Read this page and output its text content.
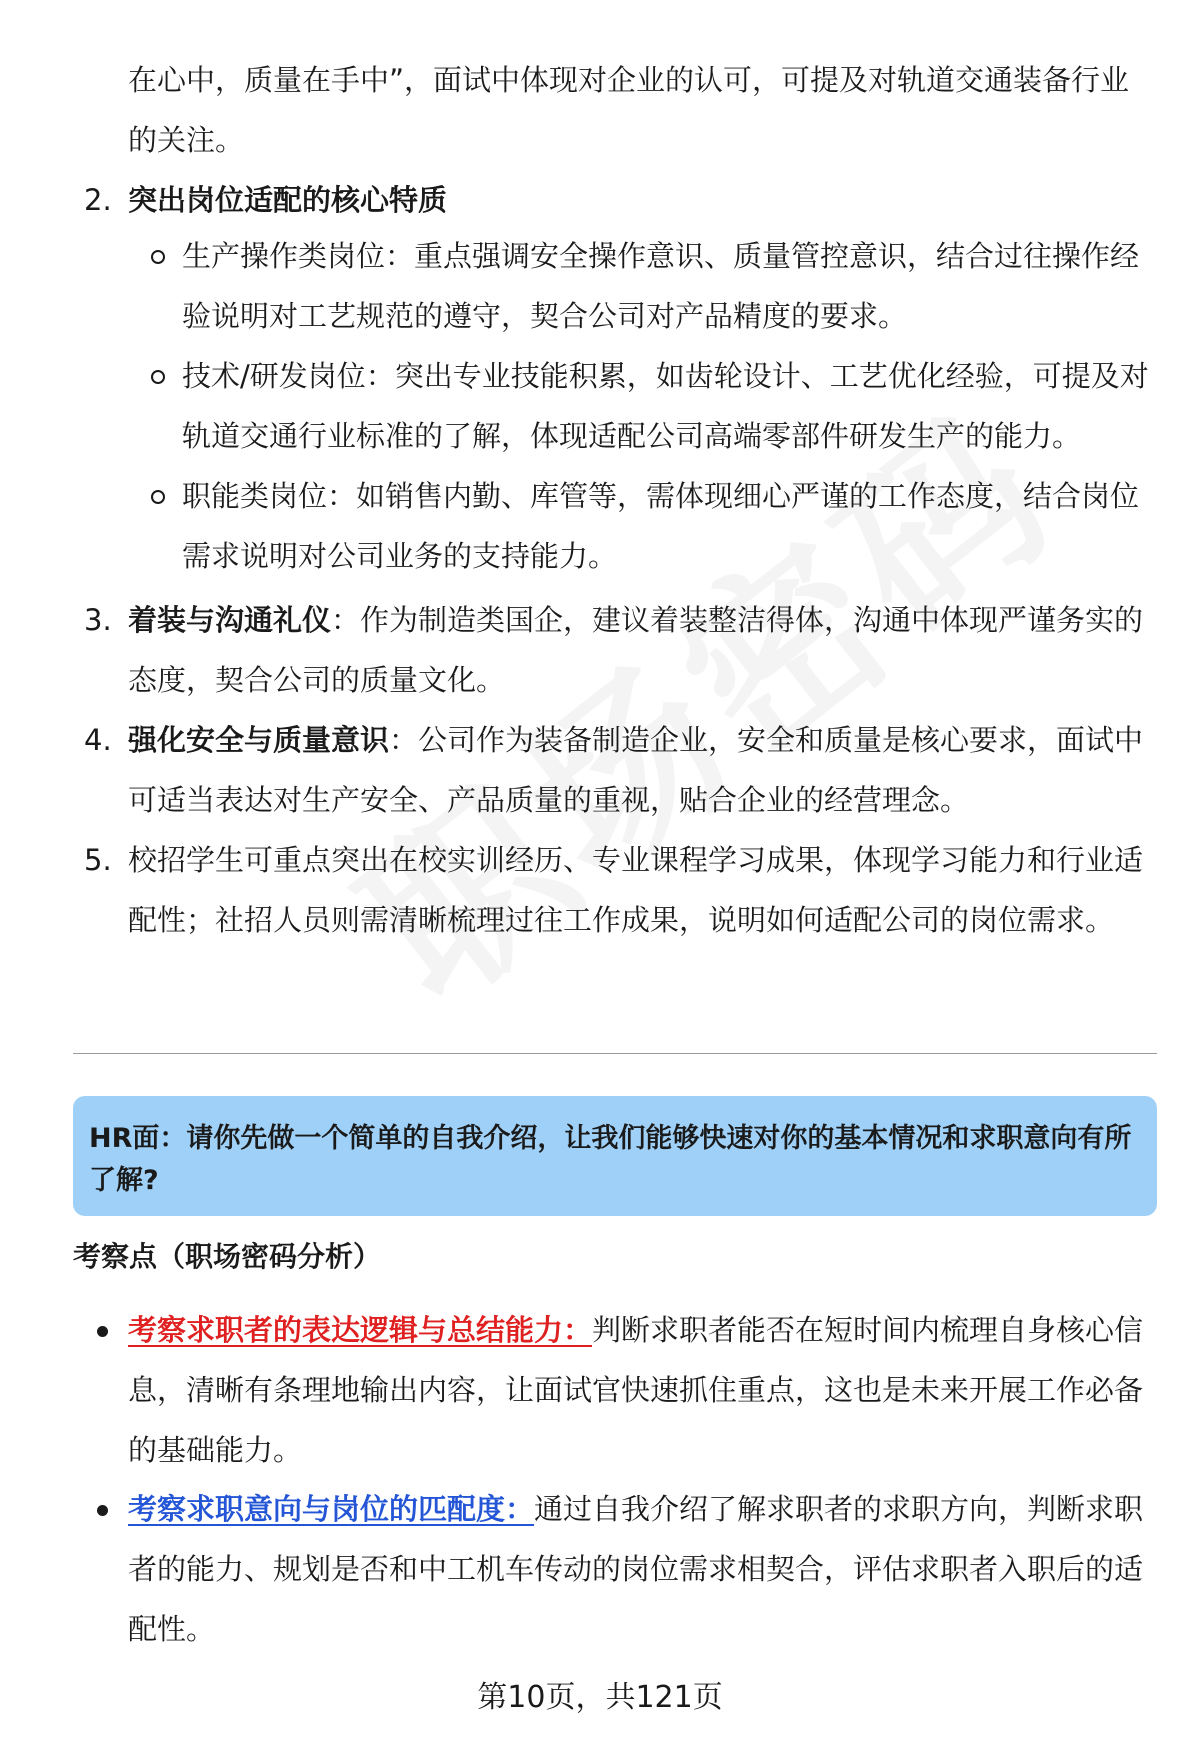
在心中，质量在手中”，面试中体现对企业的认可，可提及对轨道交通装备行业的关注。

2. 突出岗位适配的核心特质

生产操作类岗位：重点强调安全操作意识、质量管控意识，结合过往操作经验说明对工艺规范的遵守，契合公司对产品精度的要求。

技术/研发岗位：突出专业技能积累，如齿轮设计、工艺优化经验，可提及对轨道交通行业标准的了解，体现适配公司高端零部件研发生产的能力。

职能类岗位：如销售内勤、库管等，需体现细心严谨的工作态度，结合岗位需求说明对公司业务的支持能力。

3. 着装与沟通礼仪：作为制造类国企，建议着装整洁得体，沟通中体现严谨务实的态度，契合公司的质量文化。

4. 强化安全与质量意识：公司作为装备制造企业，安全和质量是核心要求，面试中可适当表达对生产安全、产品质量的重视，贴合企业的经营理念。

5. 校招学生可重点突出在校实训经历、专业课程学习成果，体现学习能力和行业适配性；社招人员则需清晰梳理过往工作成果，说明如何适配公司的岗位需求。

HR面：请你先做一个简单的自我介绍，让我们能够快速对你的基本情况和求职意向有所了解?
考察点（职场密码分析）

考察求职者的表达逻辑与总结能力：判断求职者能否在短时间内梳理自身核心信息，清晰有条理地输出内容，让面试官快速抓住重点，这也是未来开展工作必备的基础能力。

考察求职意向与岗位的匹配度：通过自我介绍了解求职者的求职方向，判断求职者的能力、规划是否和中工机车传动的岗位需求相契合，评估求职者入职后的适配性。

第10页，共121页
